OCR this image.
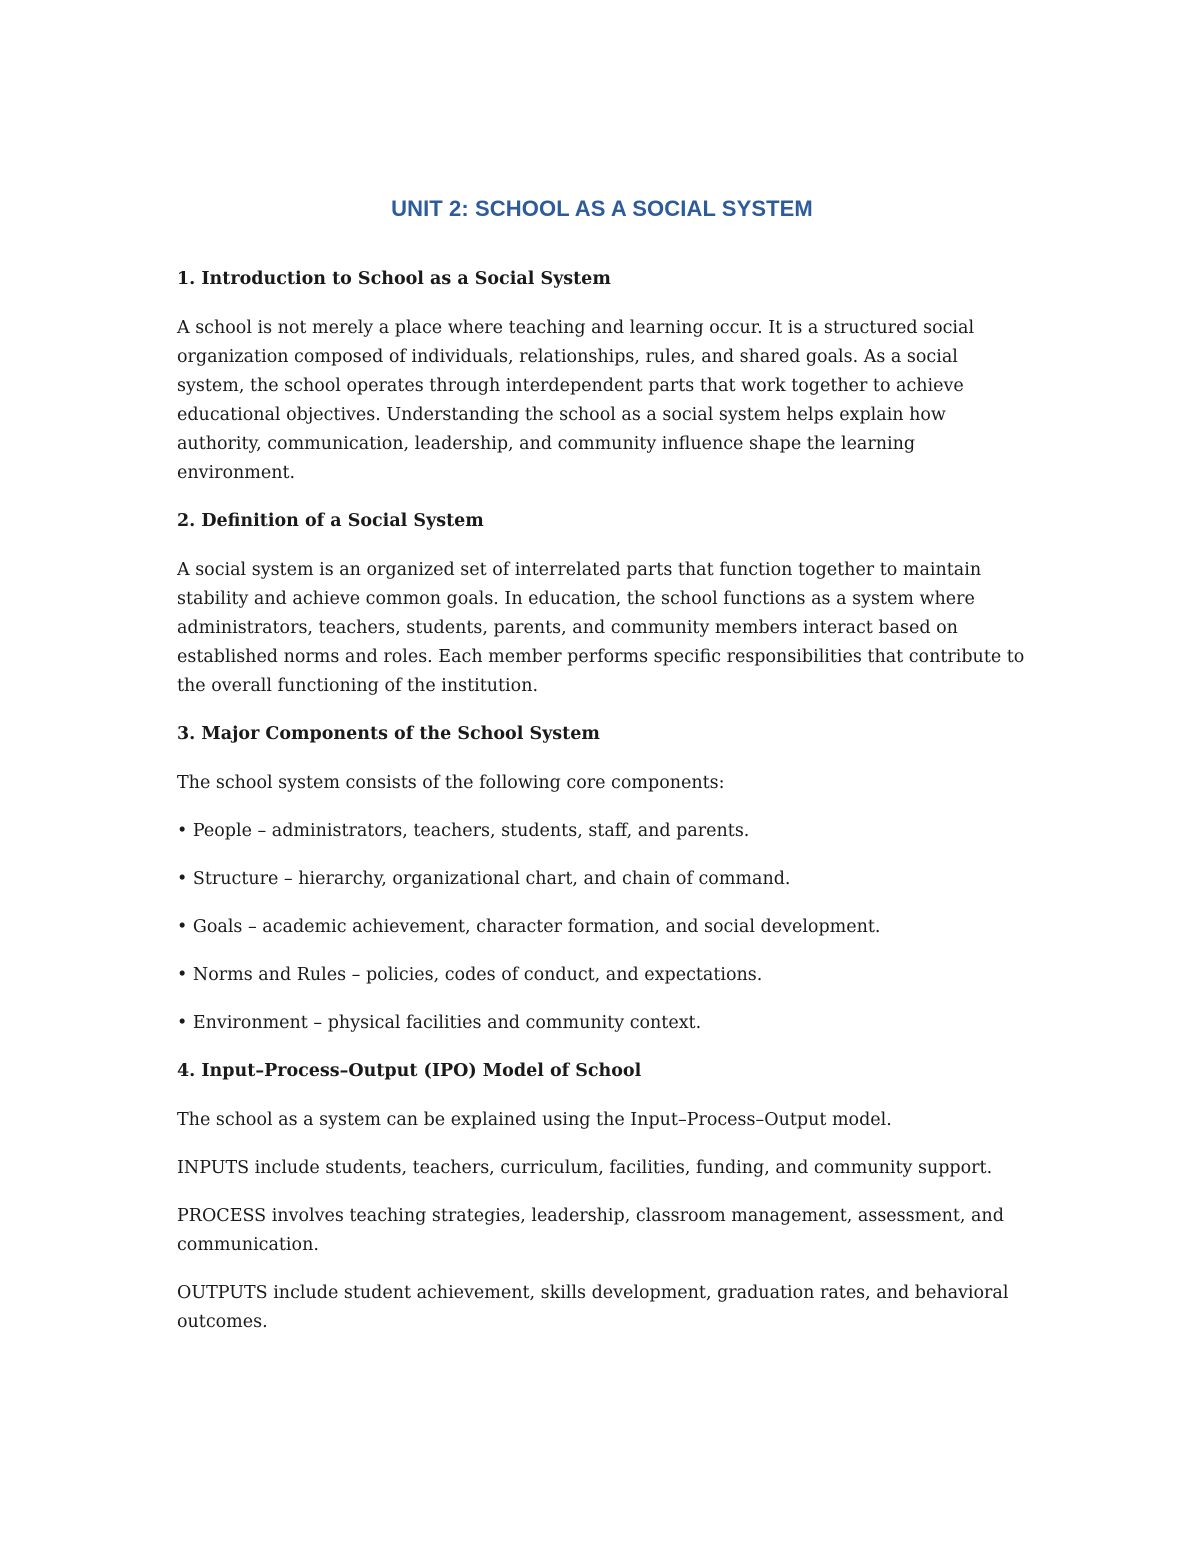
UNIT 2: SCHOOL AS A SOCIAL SYSTEM
1. Introduction to School as a Social System

A school is not merely a place where teaching and learning occur. It is a structured social organization composed of individuals, relationships, rules, and shared goals. As a social system, the school operates through interdependent parts that work together to achieve educational objectives. Understanding the school as a social system helps explain how authority, communication, leadership, and community influence shape the learning environment.

2. Definition of a Social System

A social system is an organized set of interrelated parts that function together to maintain stability and achieve common goals. In education, the school functions as a system where administrators, teachers, students, parents, and community members interact based on established norms and roles. Each member performs specific responsibilities that contribute to the overall functioning of the institution.

3. Major Components of the School System

The school system consists of the following core components:

• People – administrators, teachers, students, staff, and parents.
• Structure – hierarchy, organizational chart, and chain of command.
• Goals – academic achievement, character formation, and social development.
• Norms and Rules – policies, codes of conduct, and expectations.
• Environment – physical facilities and community context.
4. Input–Process–Output (IPO) Model of School

The school as a system can be explained using the Input–Process–Output model.

INPUTS include students, teachers, curriculum, facilities, funding, and community support.

PROCESS involves teaching strategies, leadership, classroom management, assessment, and communication.

OUTPUTS include student achievement, skills development, graduation rates, and behavioral outcomes.
